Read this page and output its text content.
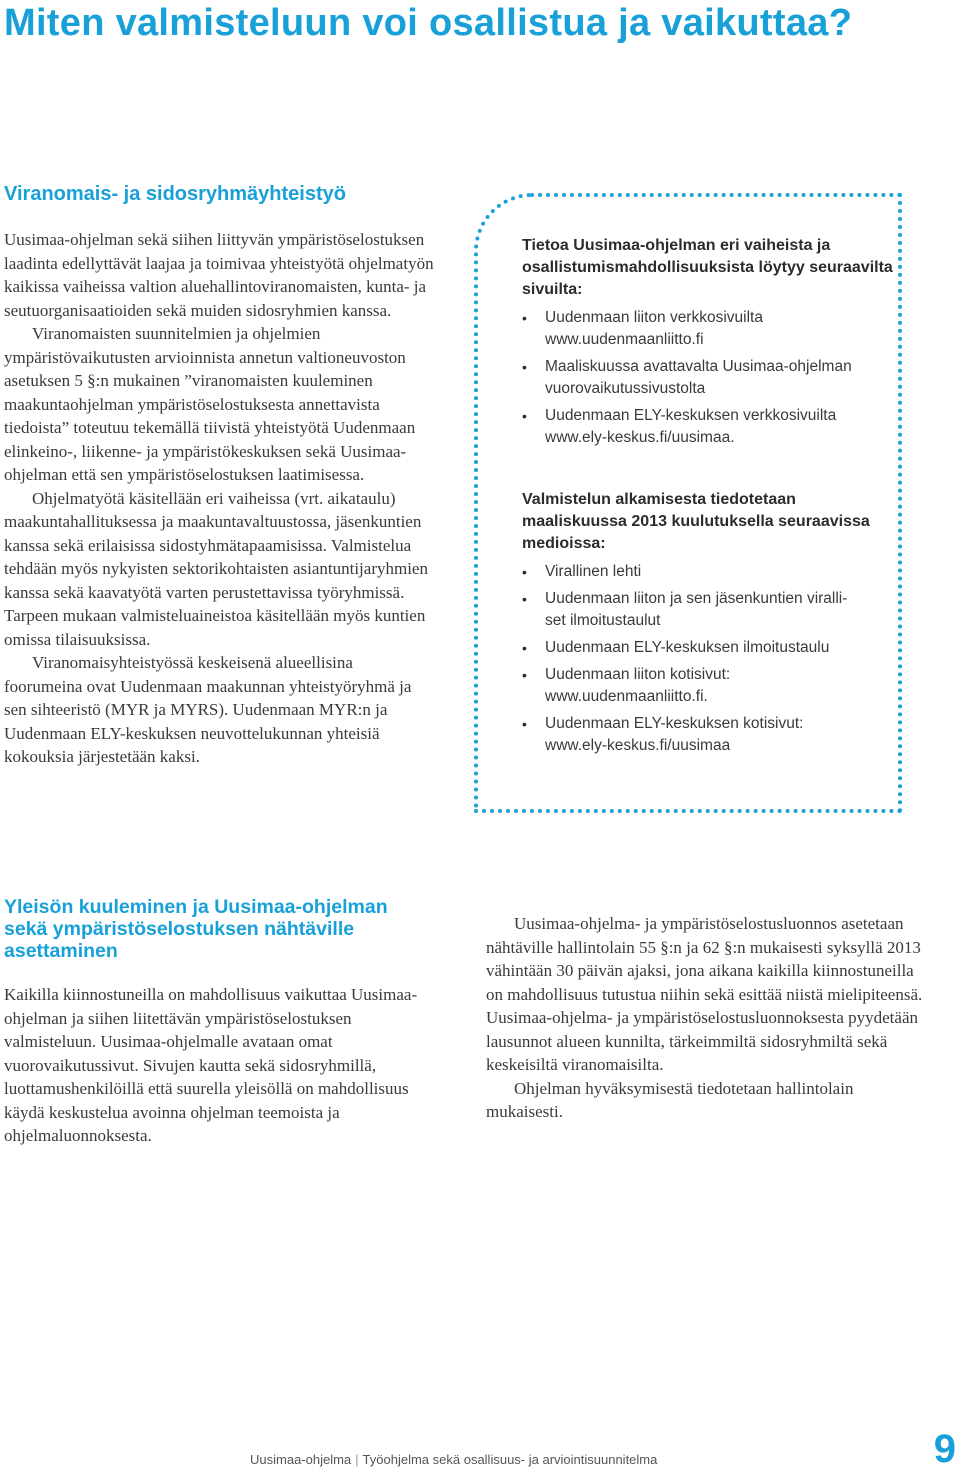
Miten valmisteluun voi osallistua ja vaikuttaa?
Viranomais- ja sidosryhmäyhteistyö

Uusimaa-ohjelman sekä siihen liittyvän ympäristöselostuksen laadinta edellyttävät laajaa ja toimivaa yhteistyötä ohjelmatyön kaikissa vaiheissa valtion aluehallintoviranomaisten, kunta- ja seutuorganisaatioiden sekä muiden sidosryhmien kanssa.

Viranomaisten suunnitelmien ja ohjelmien ympäristövaikutusten arvioinnista annetun valtioneuvoston asetuksen 5 §:n mukainen ”viranomaisten kuuleminen maakuntaohjelman ympäristöselostuksesta annettavista tiedoista” toteutuu tekemällä tiivistä yhteistyötä Uudenmaan elinkeino-, liikenne- ja ympäristökeskuksen sekä Uusimaa-ohjelman että sen ympäristöselostuksen laatimisessa.

Ohjelmatyötä käsitellään eri vaiheissa (vrt. aikataulu) maakuntahallituksessa ja maakuntavaltuustossa, jäsenkuntien kanssa sekä erilaisissa sidostyhmätapaamisissa. Valmistelua tehdään myös nykyisten sektorikohtaisten asiantuntijaryhmien kanssa sekä kaavatyötä varten perustettavissa työryhmissä. Tarpeen mukaan valmisteluaineistoa käsitellään myös kuntien omissa tilaisuuksissa.

Viranomaisyhteistyössä keskeisenä alueellisina foorumeina ovat Uudenmaan maakunnan yhteistyöryhmä ja sen sihteeristö (MYR ja MYRS). Uudenmaan MYR:n ja Uudenmaan ELY-keskuksen neuvottelukunnan yhteisiä kokouksia järjestetään kaksi.

Tietoa Uusimaa-ohjelman eri vaiheista ja osallistumismahdollisuuksista löytyy seuraavilta sivuilta:

• Uudenmaan liiton verkkosivuilta
www.uudenmaanliitto.fi
• Maaliskuussa avattavalta Uusimaa-ohjelman
vuorovaikutussivustolta
• Uudenmaan ELY-keskuksen verkkosivuilta
www.ely-keskus.fi/uusimaa.

Valmistelun alkamisesta tiedotetaan maaliskuussa 2013 kuulutuksella seuraavissa medioissa:

• Virallinen lehti
• Uudenmaan liiton ja sen jäsenkuntien viralli-
set ilmoitustaulut
• Uudenmaan ELY-keskuksen ilmoitustaulu
• Uudenmaan liiton kotisivut:
www.uudenmaanliitto.fi.
• Uudenmaan ELY-keskuksen kotisivut:
www.ely-keskus.fi/uusimaa
Yleisön kuuleminen ja Uusimaa-ohjelman sekä ympäristöselostuksen nähtäville asettaminen

Kaikilla kiinnostuneilla on mahdollisuus vaikuttaa Uusimaa-ohjelman ja siihen liitettävän ympäristöselostuksen valmisteluun. Uusimaa-ohjelmalle avataan omat vuorovaikutussivut. Sivujen kautta sekä sidosryhmillä, luottamushenkilöillä että suurella yleisöllä on mahdollisuus käydä keskustelua avoinna ohjelman teemoista ja ohjelmaluonnoksesta.

Uusimaa-ohjelma- ja ympäristöselostusluonnos asetetaan nähtäville hallintolain 55 §:n ja 62 §:n mukaisesti syksyllä 2013 vähintään 30 päivän ajaksi, jona aikana kaikilla kiinnostuneilla on mahdollisuus tutustua niihin sekä esittää niistä mielipiteensä. Uusimaa-ohjelma- ja ympäristöselostusluonnoksesta pyydetään lausunnot alueen kunnilta, tärkeimmiltä sidosryhmiltä sekä keskeisiltä viranomaisilta.

Ohjelman hyväksymisestä tiedotetaan hallintolain mukaisesti.

Uusimaa-ohjelma | Työohjelma sekä osallisuus- ja arviointisuunnitelma	9
